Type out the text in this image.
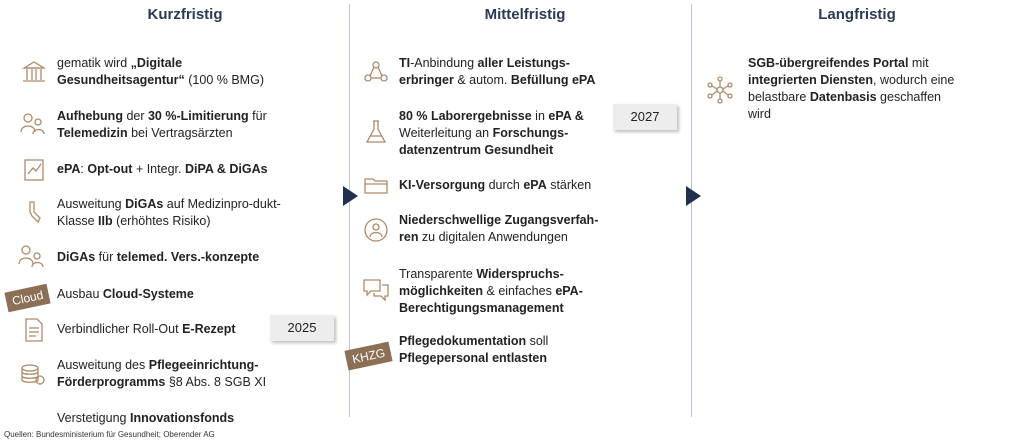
Kurzfristig	Mittelfristig	Langfristig
gematik wird „Digitale Gesundheitsagentur“ (100 % BMG)
Aufhebung der 30 %-Limitierung für Telemedizin bei Vertragsärzten
ePA: Opt-out + Integr. DiPA & DiGAs
Ausweitung DiGAs auf Medizinpro-dukt-Klasse IIb (erhöhtes Risiko)
DiGAs für telemed. Vers.-konzepte
Cloud	Ausbau Cloud-Systeme
Verbindlicher Roll-Out E-Rezept	2025
Ausweitung des Pflegeeinrichtung-Förderprogramms §8 Abs. 8 SGB XI
Verstetigung Innovationsfonds
TI-Anbindung aller Leistungs-erbringer & autom. Befüllung ePA
80 % Laborergebnisse in ePA & Weiterleitung an Forschungs-datenzentrum Gesundheit
2027
KI-Versorgung durch ePA stärken
Niederschwellige Zugangsverfah-ren zu digitalen Anwendungen
Transparente Widerspruchs-möglichkeiten & einfaches ePA-Berechtigungsmanagement
KHZG
Pflegedokumentation soll Pflegepersonal entlasten
SGB-übergreifendes Portal mit integrierten Diensten, wodurch eine belastbare Datenbasis geschaffen wird
Quellen: Bundesministerium für Gesundheit; Oberender AG
